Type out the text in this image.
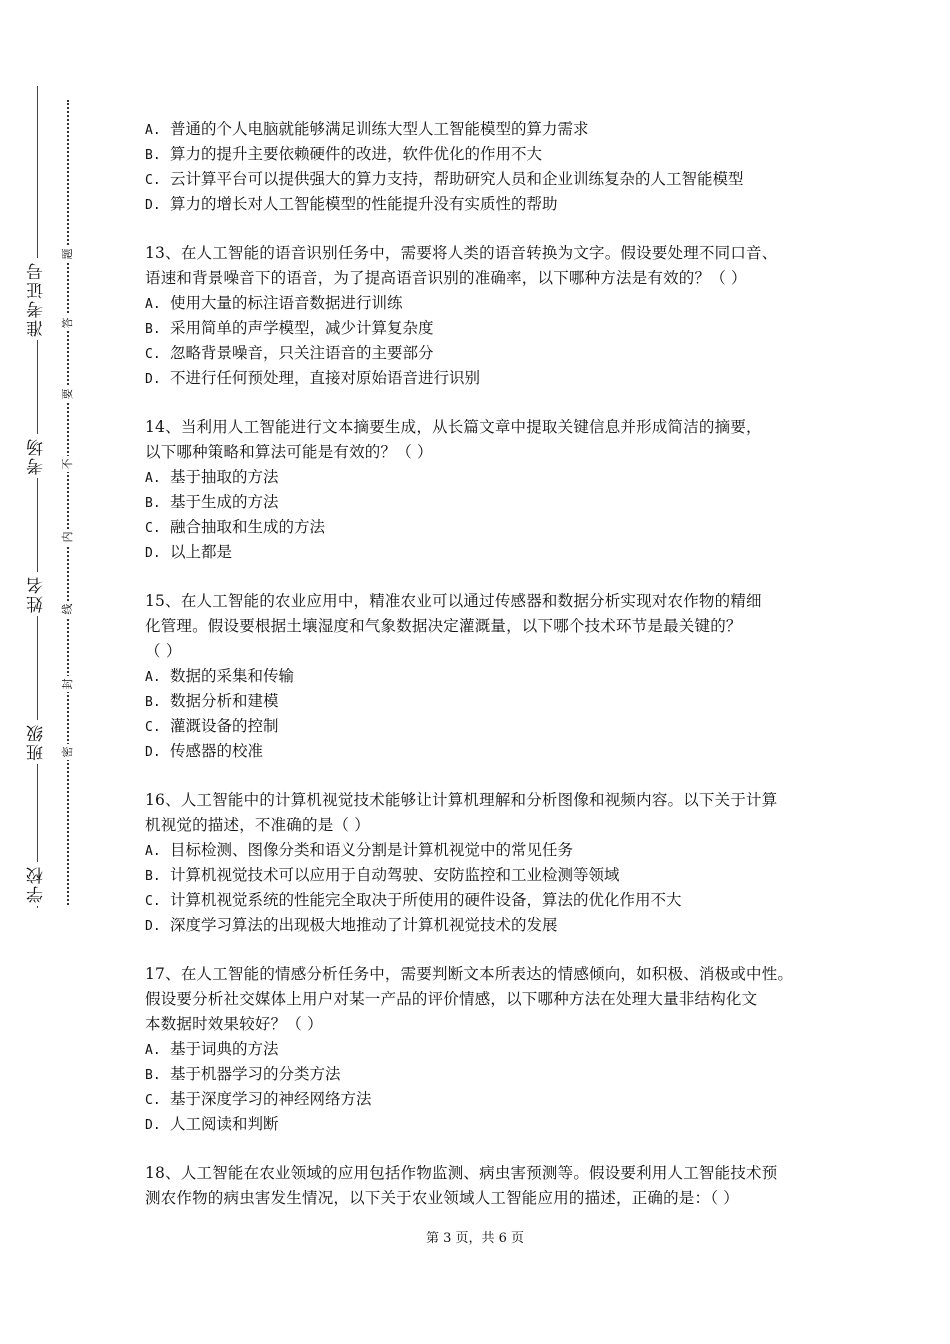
学校
班级
姓名
考场
准考证号
密
封
线
内
不
要
答
题
A. 普通的个人电脑就能够满足训练大型人工智能模型的算力需求
B. 算力的提升主要依赖硬件的改进，软件优化的作用不大
C. 云计算平台可以提供强大的算力支持，帮助研究人员和企业训练复杂的人工智能模型
D. 算力的增长对人工智能模型的性能提升没有实质性的帮助
13、在人工智能的语音识别任务中，需要将人类的语音转换为文字。假设要处理不同口音、
语速和背景噪音下的语音，为了提高语音识别的准确率，以下哪种方法是有效的？（ ）
A. 使用大量的标注语音数据进行训练
B. 采用简单的声学模型，减少计算复杂度
C. 忽略背景噪音，只关注语音的主要部分
D. 不进行任何预处理，直接对原始语音进行识别
14、当利用人工智能进行文本摘要生成，从长篇文章中提取关键信息并形成简洁的摘要，
以下哪种策略和算法可能是有效的？（ ）
A. 基于抽取的方法
B. 基于生成的方法
C. 融合抽取和生成的方法
D. 以上都是
15、在人工智能的农业应用中，精准农业可以通过传感器和数据分析实现对农作物的精细
化管理。假设要根据土壤湿度和气象数据决定灌溉量，以下哪个技术环节是最关键的？
（ ）
A. 数据的采集和传输
B. 数据分析和建模
C. 灌溉设备的控制
D. 传感器的校准
16、人工智能中的计算机视觉技术能够让计算机理解和分析图像和视频内容。以下关于计算
机视觉的描述，不准确的是（ ）
A. 目标检测、图像分类和语义分割是计算机视觉中的常见任务
B. 计算机视觉技术可以应用于自动驾驶、安防监控和工业检测等领域
C. 计算机视觉系统的性能完全取决于所使用的硬件设备，算法的优化作用不大
D. 深度学习算法的出现极大地推动了计算机视觉技术的发展
17、在人工智能的情感分析任务中，需要判断文本所表达的情感倾向，如积极、消极或中性。
假设要分析社交媒体上用户对某一产品的评价情感，以下哪种方法在处理大量非结构化文
本数据时效果较好？（ ）
A. 基于词典的方法
B. 基于机器学习的分类方法
C. 基于深度学习的神经网络方法
D. 人工阅读和判断
18、人工智能在农业领域的应用包括作物监测、病虫害预测等。假设要利用人工智能技术预
测农作物的病虫害发生情况，以下关于农业领域人工智能应用的描述，正确的是：（ ）
第 3 页，共 6 页
